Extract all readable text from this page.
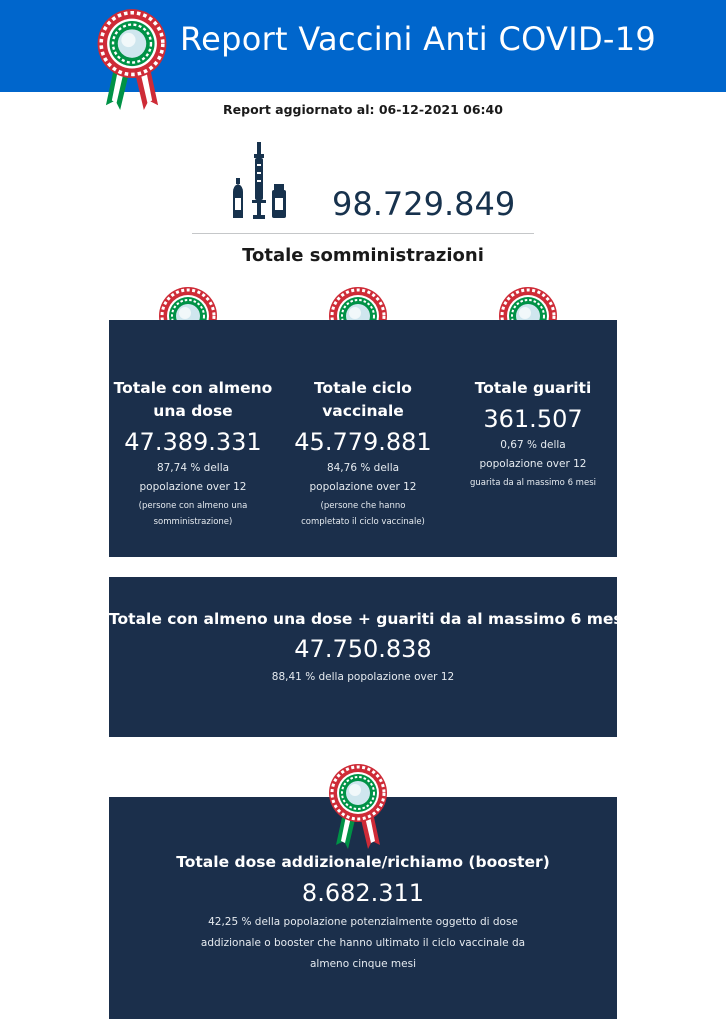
Report Vaccini Anti COVID-19
Report aggiornato al: 06-12-2021 06:40
98.729.849
Totale somministrazioni
Totale con almeno una dose
47.389.331
87,74 % della popolazione over 12
(persone con almeno una somministrazione)
Totale ciclo vaccinale
45.779.881
84,76 % della popolazione over 12
(persone che hanno completato il ciclo vaccinale)
Totale guariti
361.507
0,67 % della popolazione over 12
guarita da al massimo 6 mesi
Totale con almeno una dose + guariti da al massimo 6 mesi
47.750.838
88,41 % della popolazione over 12
Totale dose addizionale/richiamo (booster)
8.682.311
42,25 % della popolazione potenzialmente oggetto di dose addizionale o booster che hanno ultimato il ciclo vaccinale da almeno cinque mesi
